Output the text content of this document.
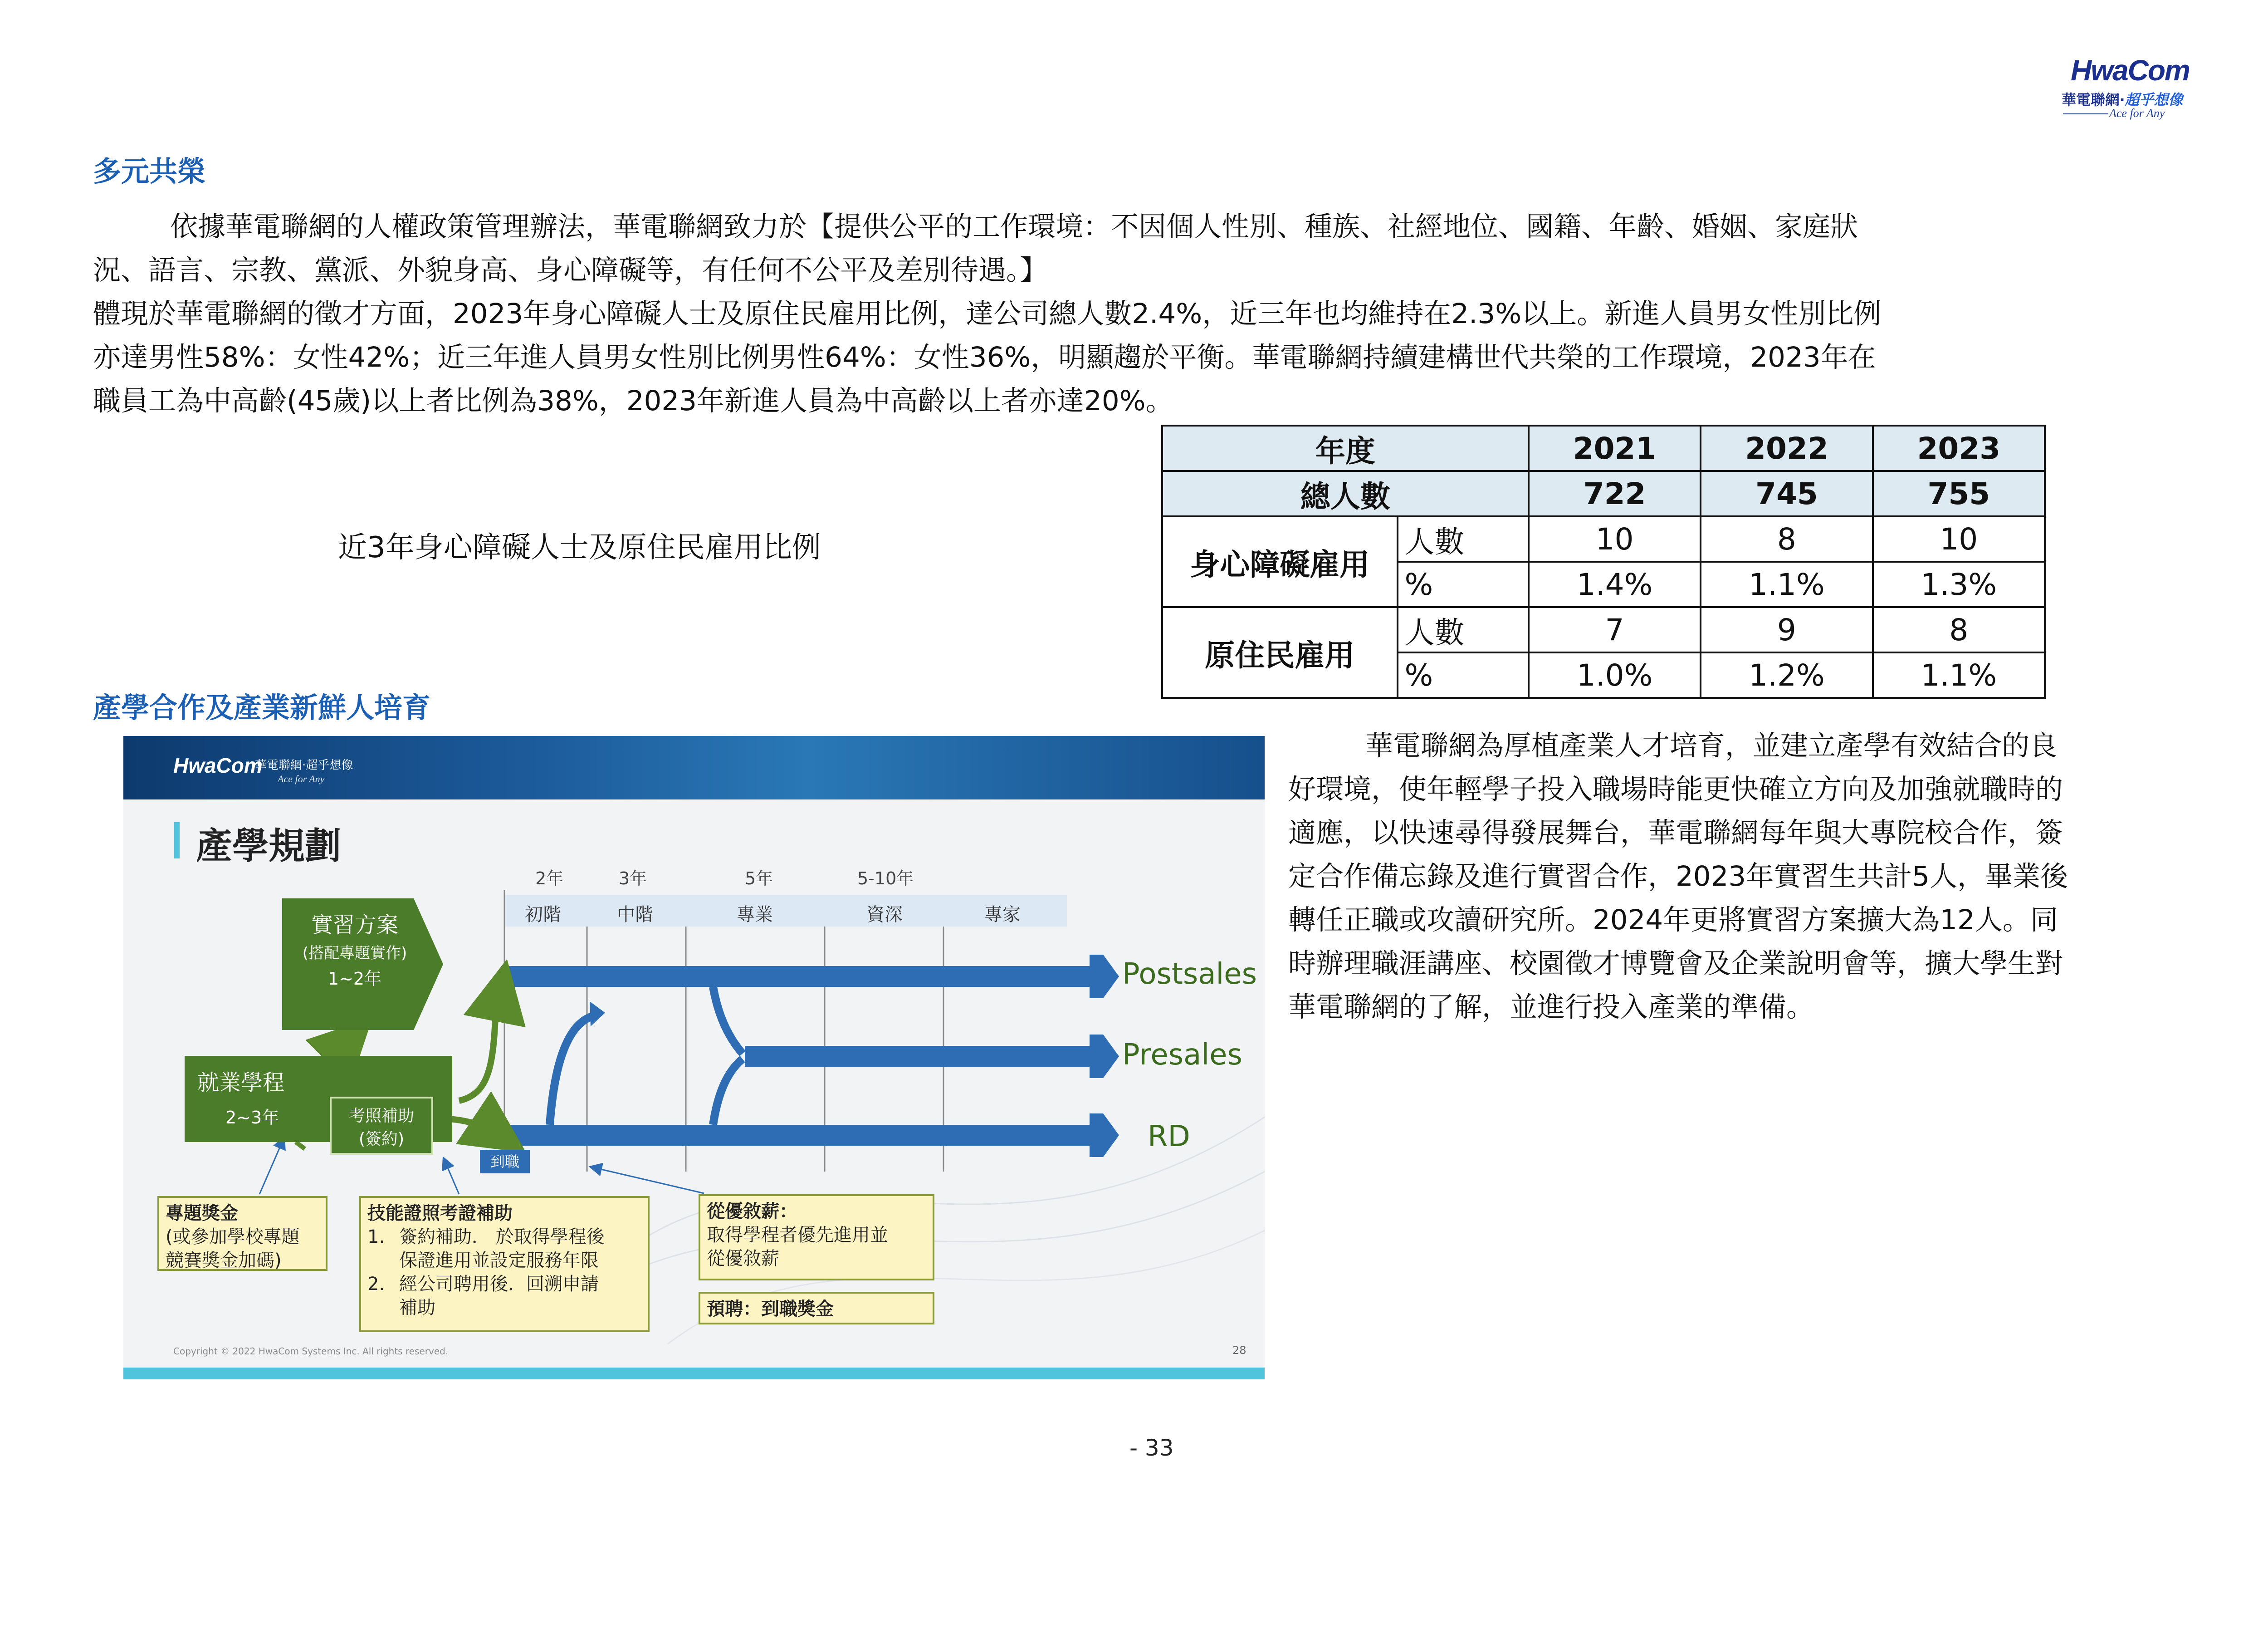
HwaCom
華電聯網‧超乎想像
Ace for Any
多元共榮
依據華電聯網的人權政策管理辦法，華電聯網致力於【提供公平的工作環境：不因個人性別、種族、社經地位、國籍、年齡、婚姻、家庭狀
況、語言、宗教、黨派、外貌身高、身心障礙等，有任何不公平及差別待遇。】
體現於華電聯網的徵才方面，2023年身心障礙人士及原住民雇用比例，達公司總人數2.4%，近三年也均維持在2.3%以上。新進人員男女性別比例
亦達男性58%：女性42%；近三年進人員男女性別比例男性64%：女性36%，明顯趨於平衡。華電聯網持續建構世代共榮的工作環境，2023年在
職員工為中高齡(45歲)以上者比例為38%，2023年新進人員為中高齡以上者亦達20%。
近3年身心障礙人士及原住民雇用比例
年度		2021	2022	2023
總人數		722	745	755
身心障礙雇用	人數	10	8	10
	%	1.4%	1.1%	1.3%
原住民雇用	人數	7	9	8
	%	1.0%	1.2%	1.1%
產學合作及產業新鮮人培育
華電聯網為厚植產業人才培育，並建立產學有效結合的良
好環境，使年輕學子投入職場時能更快確立方向及加強就職時的
適應，以快速尋得發展舞台，華電聯網每年與大專院校合作，簽
定合作備忘錄及進行實習合作，2023年實習生共計5人，畢業後
轉任正職或攻讀研究所。2024年更將實習方案擴大為12人。同
時辦理職涯講座、校園徵才博覽會及企業說明會等，擴大學生對
華電聯網的了解，並進行投入產業的準備。
HwaCom
華電聯網‧超乎想像
Ace for Any
產學規劃
2年	3年	5年	5-10年
初階	中階	專業	資深	專家
實習方案
(搭配專題實作)
1~2年
就業學程
2~3年	考照補助
(簽約)
到職
Postsales
Presales
RD
專題獎金
(或參加學校專題
競賽獎金加碼)
技能證照考證補助
1. 簽約補助． 於取得學程後
保證進用並設定服務年限
2. 經公司聘用後．回溯申請
補助
從優敘薪：
取得學程者優先進用並
從優敘薪
預聘：到職獎金
Copyright © 2022 HwaCom Systems Inc. All rights reserved.	28
- 33
